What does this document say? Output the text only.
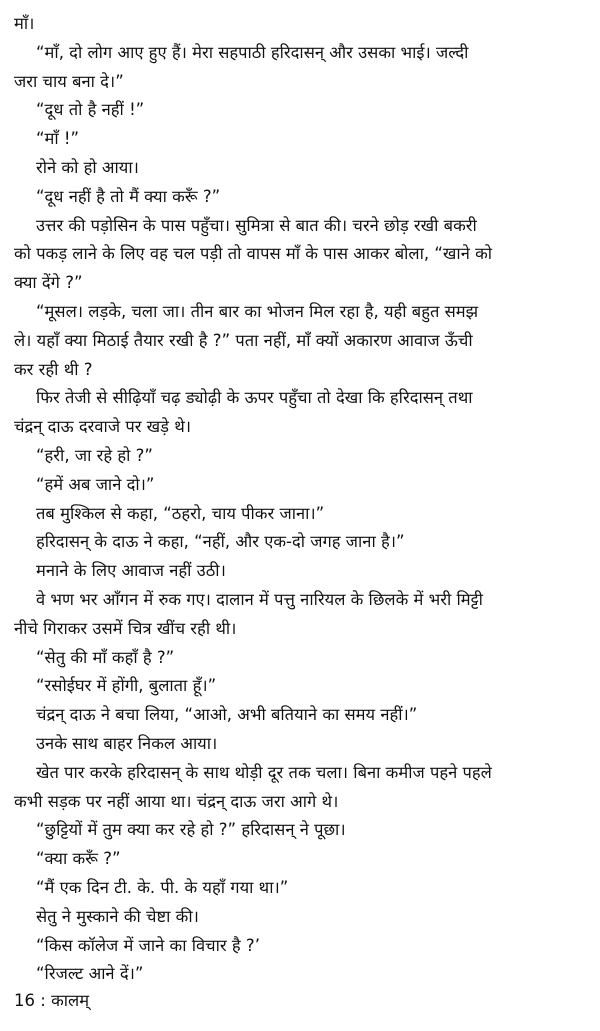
माँ।
“माँ, दो लोग आए हुए हैं। मेरा सहपाठी हरिदासन् और उसका भाई। जल्दी
जरा चाय बना दे।”
“दूध तो है नहीं !”
“माँ !”
रोने को हो आया।
“दूध नहीं है तो मैं क्या करूँ ?”
उत्तर की पड़ोसिन के पास पहुँचा। सुमित्रा से बात की। चरने छोड़ रखी बकरी
को पकड़ लाने के लिए वह चल पड़ी तो वापस माँ के पास आकर बोला, “खाने को
क्या देंगे ?”
“मूसल। लड़के, चला जा। तीन बार का भोजन मिल रहा है, यही बहुत समझ
ले। यहाँ क्या मिठाई तैयार रखी है ?” पता नहीं, माँ क्यों अकारण आवाज ऊँची
कर रही थी ?
फिर तेजी से सीढ़ियाँ चढ़ ड्योढ़ी के ऊपर पहुँचा तो देखा कि हरिदासन् तथा
चंद्रन् दाऊ दरवाजे पर खड़े थे।
“हरी, जा रहे हो ?”
“हमें अब जाने दो।”
तब मुश्किल से कहा, “ठहरो, चाय पीकर जाना।”
हरिदासन् के दाऊ ने कहा, “नहीं, और एक-दो जगह जाना है।”
मनाने के लिए आवाज नहीं उठी।
वे भण भर आँगन में रुक गए। दालान में पत्तु नारियल के छिलके में भरी मिट्टी
नीचे गिराकर उसमें चित्र खींच रही थी।
“सेतु की माँ कहाँ है ?”
“रसोईघर में होंगी, बुलाता हूँ।”
चंद्रन् दाऊ ने बचा लिया, “आओ, अभी बतियाने का समय नहीं।”
उनके साथ बाहर निकल आया।
खेत पार करके हरिदासन् के साथ थोड़ी दूर तक चला। बिना कमीज पहने पहले
कभी सड़क पर नहीं आया था। चंद्रन् दाऊ जरा आगे थे।
“छुट्टियों में तुम क्या कर रहे हो ?” हरिदासन् ने पूछा।
“क्या करूँ ?”
“मैं एक दिन टी. के. पी. के यहाँ गया था।”
सेतु ने मुस्काने की चेष्टा की।
“किस कॉलेज में जाने का विचार है ?’
“रिजल्ट आने दें।”
16 : कालम्
